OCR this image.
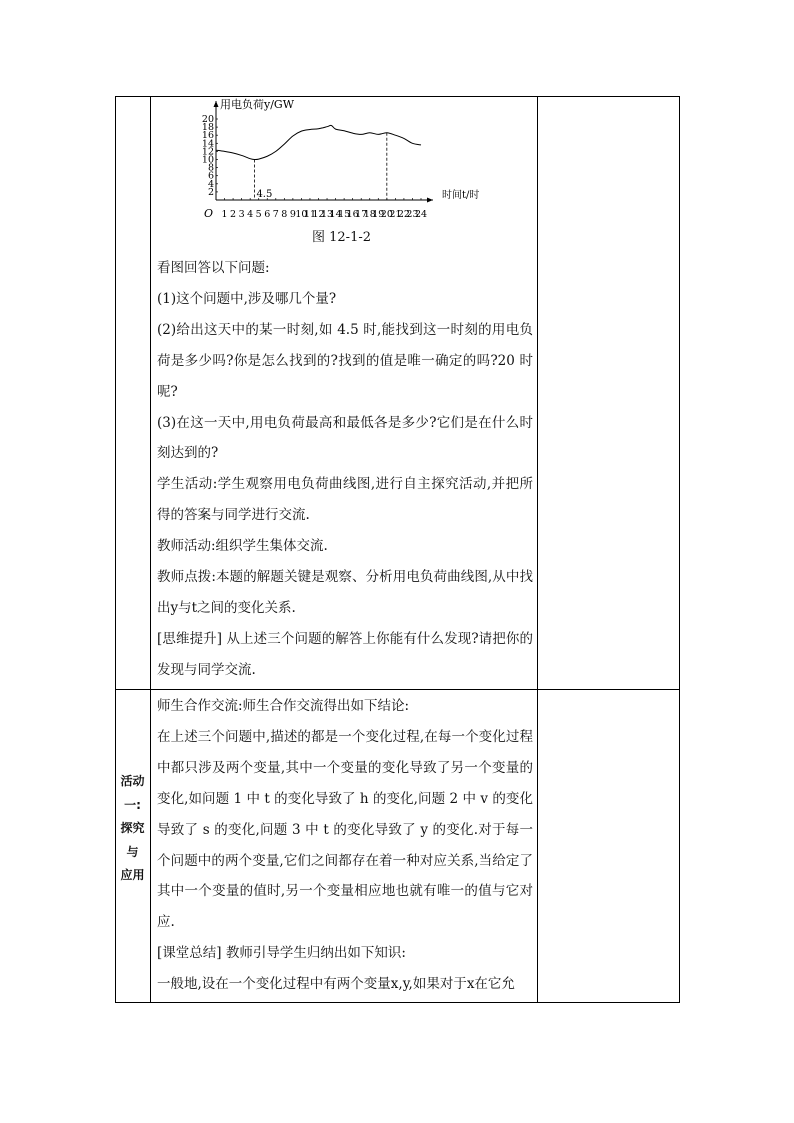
用电负荷y/GW
时间t/时
O
2
4
6
8
10
12
14
16
18
20
1 2 3 4 5 6 7 8 9 10
11
12
13
14
15
16
17
18
19
20
21
22
23
24
4.5
图 12-1-2

看图回答以下问题:

(1)这个问题中,涉及哪几个量?

(2)给出这天中的某一时刻,如 4.5 时,能找到这一时刻的用电负荷是多少吗?你是怎么找到的?找到的值是唯一确定的吗?20 时呢?

(3)在这一天中,用电负荷最高和最低各是多少?它们是在什么时刻达到的?

学生活动:学生观察用电负荷曲线图,进行自主探究活动,并把所得的答案与同学进行交流.

教师活动:组织学生集体交流.

教师点拨:本题的解题关键是观察、分析用电负荷曲线图,从中找出y与t之间的变化关系.

[思维提升] 从上述三个问题的解答上你能有什么发现?请把你的发现与同学交流.

活动
一:
探究
与
应用

师生合作交流:师生合作交流得出如下结论:

在上述三个问题中,描述的都是一个变化过程,在每一个变化过程中都只涉及两个变量,其中一个变量的变化导致了另一个变量的变化,如问题 1 中 t 的变化导致了 h 的变化,问题 2 中 v 的变化导致了 s 的变化,问题 3 中 t 的变化导致了 y 的变化.对于每一个问题中的两个变量,它们之间都存在着一种对应关系,当给定了其中一个变量的值时,另一个变量相应地也就有唯一的值与它对应.

[课堂总结] 教师引导学生归纳出如下知识:

一般地,设在一个变化过程中有两个变量x,y,如果对于x在它允
